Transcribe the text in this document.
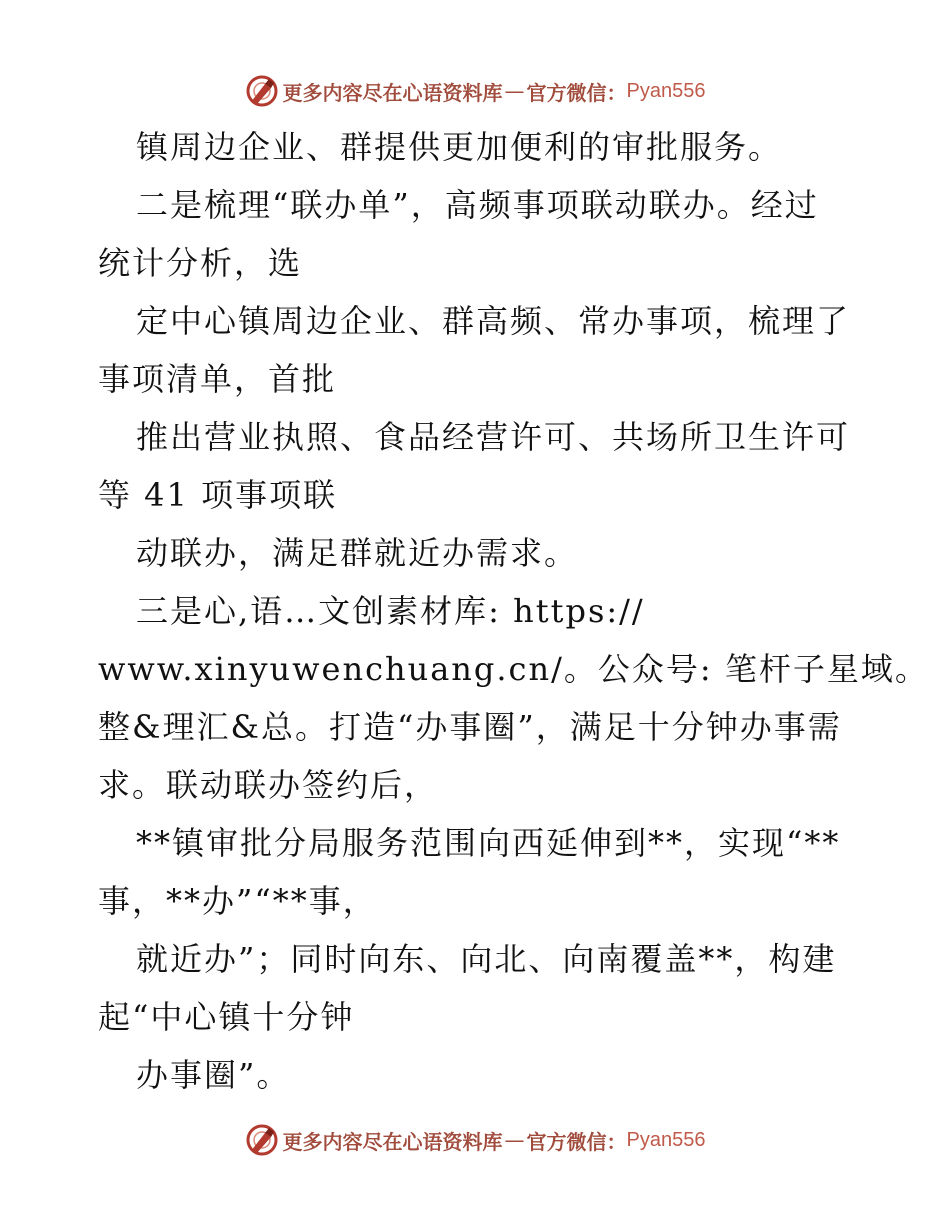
更多内容尽在心语资料库 — 官方微信： Pyan556
镇周边企业、群提供更加便利的审批服务。
二是梳理“联办单”，高频事项联动联办。经过
统计分析，选
定中心镇周边企业、群高频、常办事项，梳理了
事项清单，首批
推出营业执照、食品经营许可、共场所卫生许可
等 41 项事项联
动联办，满足群就近办需求。
三是心,语…文创素材库: https://
www.xinyuwenchuang.cn/。公众号: 笔杆子星域。
整&理汇&总。打造“办事圈”，满足十分钟办事需
求。联动联办签约后，
**镇审批分局服务范围向西延伸到**，实现“**
事，**办”“**事，
就近办”；同时向东、向北、向南覆盖**，构建
起“中心镇十分钟
办事圈”。
更多内容尽在心语资料库 — 官方微信： Pyan556
